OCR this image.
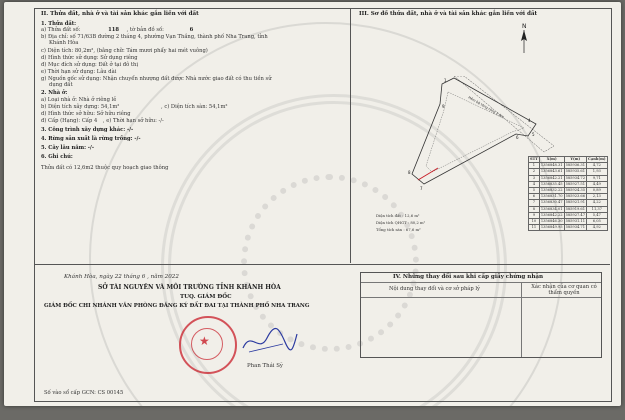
II. Thửa đất, nhà ở và tài sản khác gắn liền với đất
1. Thửa đất:
a) Thửa đất số:	118 , tờ bản đồ số:	6
b) Địa chỉ: số 71/63B đường 2 tháng 4, phường Vạn Thắng, thành phố Nha Trang, tỉnh
Khánh Hòa
c) Diện tích: 80,2m², (bằng chữ: Tám mươi phẩy hai mét vuông)
d) Hình thức sử dụng: Sử dụng riêng
đ) Mục đích sử dụng: Đất ở tại đô thị
e) Thời hạn sử dụng: Lâu dài
g) Nguồn gốc sử dụng: Nhận chuyển nhượng đất được Nhà nước giao đất có thu tiền sử
dụng đất
2. Nhà ở:
a) Loại nhà ở: Nhà ở riêng lẻ
b) Diện tích xây dựng: 54,1m²	, c) Diện tích sàn: 54,1m²
d) Hình thức sở hữu: Sở hữu riêng
đ) Cấp (Hạng): Cấp 4 , e) Thời hạn sở hữu: -/-
3. Công trình xây dựng khác: -/-
4. Rừng sản xuất là rừng trồng: -/-
5. Cây lâu năm: -/-
6. Ghi chú:
Thửa đất có 12,6m2 thuộc quy hoạch giao thông
Khánh Hòa, ngày 22 tháng 6 , năm 2022
SỞ TÀI NGUYÊN VÀ MÔI TRƯỜNG TỈNH KHÁNH HÒA
TUQ. GIÁM ĐỐC
GIÁM ĐỐC CHI NHÁNH VĂN PHÒNG ĐĂNG KÝ ĐẤT ĐAI TẠI THÀNH PHỐ NHA TRANG
★
Phan Thái Sỹ
Số vào sổ cấp GCN: CS 00145
III. Sơ đồ thửa đất, nhà ở và tài sản khác gắn liền với đất
N
1
4
5
6
7
8
9	Hẻm bê tông rộng 2,8m
STT	X(m)	Y(m)	Cạnh(m)
1	1356848.31	585936.31	4,72
2	1356843.61	585935.61	1,93
3	1356842.21	585934.72	9,71
4	1356835.45	585927.51	4,49
5	1356832.22	585924.35	0,89
6	1356831.70	585923.66	2,13
7	1356830.47	585921.91	4,22
8	1356834.01	585919.61	11,37
9	1356842.22	585927.47	5,47
10	1356846.30	585931.11	6,05
11	1356849.95	585934.71	4,92
Diện tích đất : 12,6 m²
Diện tích QHGT : 80,2 m²
Tổng tích sàn : 67,6 m²
IV. Những thay đổi sau khi cấp giấy chứng nhận
Nội dung thay đổi và cơ sở pháp lý	Xác nhận của cơ quan có thẩm quyền
